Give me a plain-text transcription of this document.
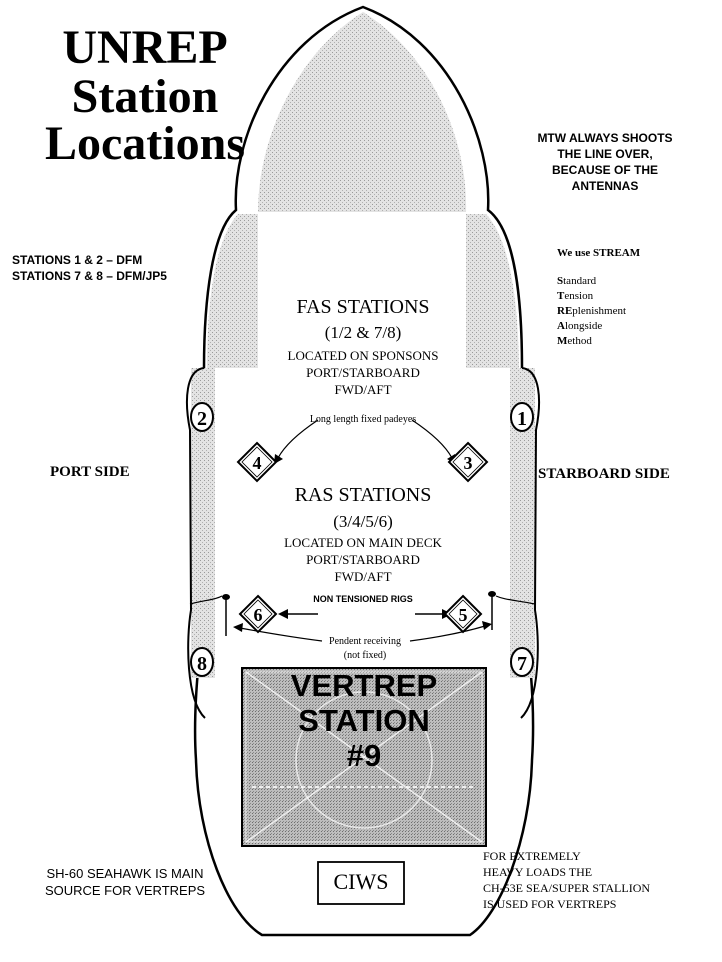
UNREP
Station
Locations	MTW ALWAYS SHOOTS
THE LINE OVER,
BECAUSE OF THE
ANTENNAS
STATIONS 1 & 2 – DFM
STATIONS 7 & 8 – DFM/JP5
We use STREAM
Standard
Tension
REplenishment
Alongside
Method
PORT SIDE	STARBOARD SIDE
FAS STATIONS
(1/2 & 7/8)
LOCATED ON SPONSONS
PORT/STARBOARD
FWD/AFT
Long length fixed padeyes
RAS STATIONS
(3/4/5/6)
LOCATED ON MAIN DECK
PORT/STARBOARD
FWD/AFT
NON TENSIONED RIGS
Pendent receiving
(not fixed)
VERTREP
STATION
#9
CIWS
SH-60 SEAHAWK IS MAIN
SOURCE FOR VERTREPS
FOR EXTREMELY
HEAVY LOADS THE
CH-53E SEA/SUPER STALLION
IS USED FOR VERTREPS
2	1
8	7
4	3
6	5
